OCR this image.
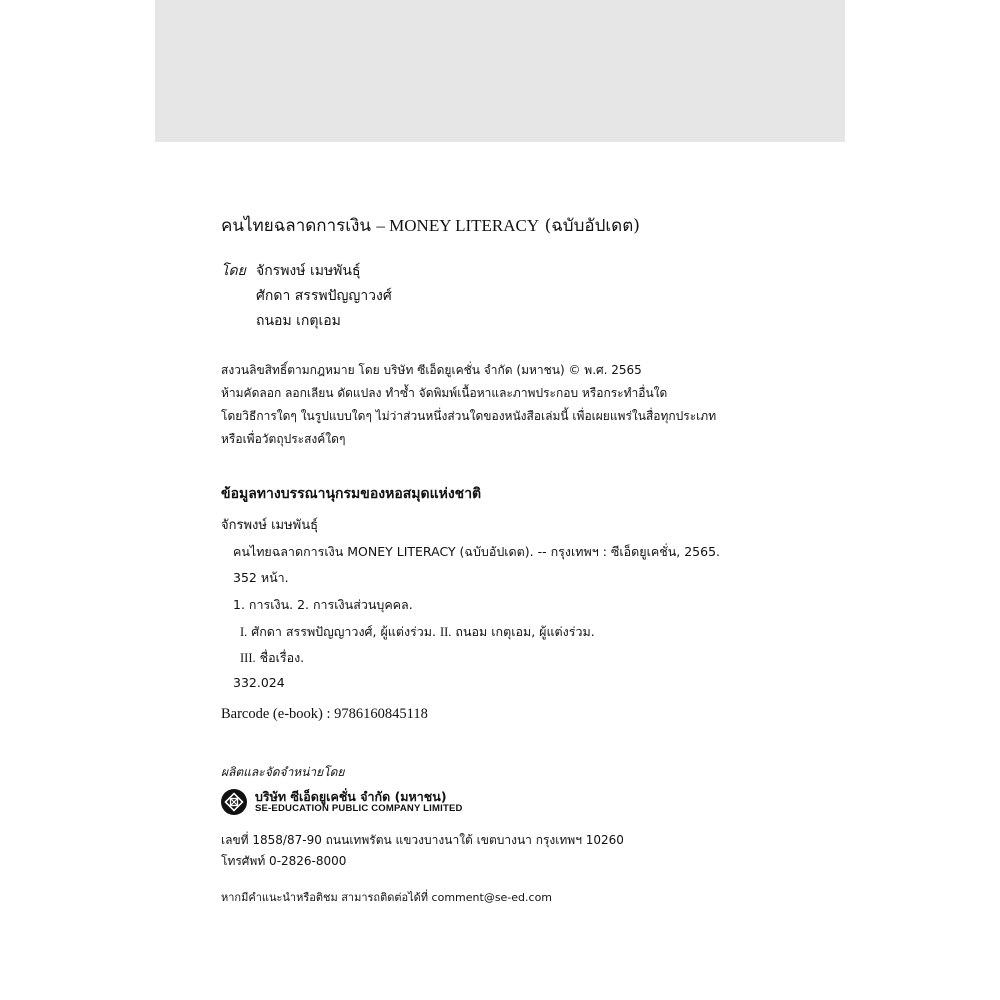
คนไทยฉลาดการเงิน – MONEY LITERACY (ฉบับอัปเดต)
โดย จักรพงษ์ เมษพันธุ์
ศักดา สรรพปัญญาวงศ์
ถนอม เกตุเอม
สงวนลิขสิทธิ์ตามกฎหมาย โดย บริษัท ซีเอ็ดยูเคชั่น จำกัด (มหาชน) © พ.ศ. 2565
ห้ามคัดลอก ลอกเลียน ดัดแปลง ทำซ้ำ จัดพิมพ์เนื้อหาและภาพประกอบ หรือกระทำอื่นใด
โดยวิธีการใดๆ ในรูปแบบใดๆ ไม่ว่าส่วนหนึ่งส่วนใดของหนังสือเล่มนี้ เพื่อเผยแพร่ในสื่อทุกประเภท
หรือเพื่อวัตถุประสงค์ใดๆ
ข้อมูลทางบรรณานุกรมของหอสมุดแห่งชาติ
จักรพงษ์ เมษพันธุ์
คนไทยฉลาดการเงิน MONEY LITERACY (ฉบับอัปเดต). -- กรุงเทพฯ : ซีเอ็ดยูเคชั่น, 2565.
352 หน้า.
1. การเงิน. 2. การเงินส่วนบุคคล.
I. ศักดา สรรพปัญญาวงศ์, ผู้แต่งร่วม. II. ถนอม เกตุเอม, ผู้แต่งร่วม.
III. ชื่อเรื่อง.
332.024
Barcode (e-book) : 9786160845118
ผลิตและจัดจำหน่ายโดย
บริษัท ซีเอ็ดยูเคชั่น จำกัด (มหาชน)
SE-EDUCATION PUBLIC COMPANY LIMITED
เลขที่ 1858/87-90 ถนนเทพรัตน แขวงบางนาใต้ เขตบางนา กรุงเทพฯ 10260
โทรศัพท์ 0-2826-8000
หากมีคำแนะนำหรือติชม สามารถติดต่อได้ที่ comment@se-ed.com
